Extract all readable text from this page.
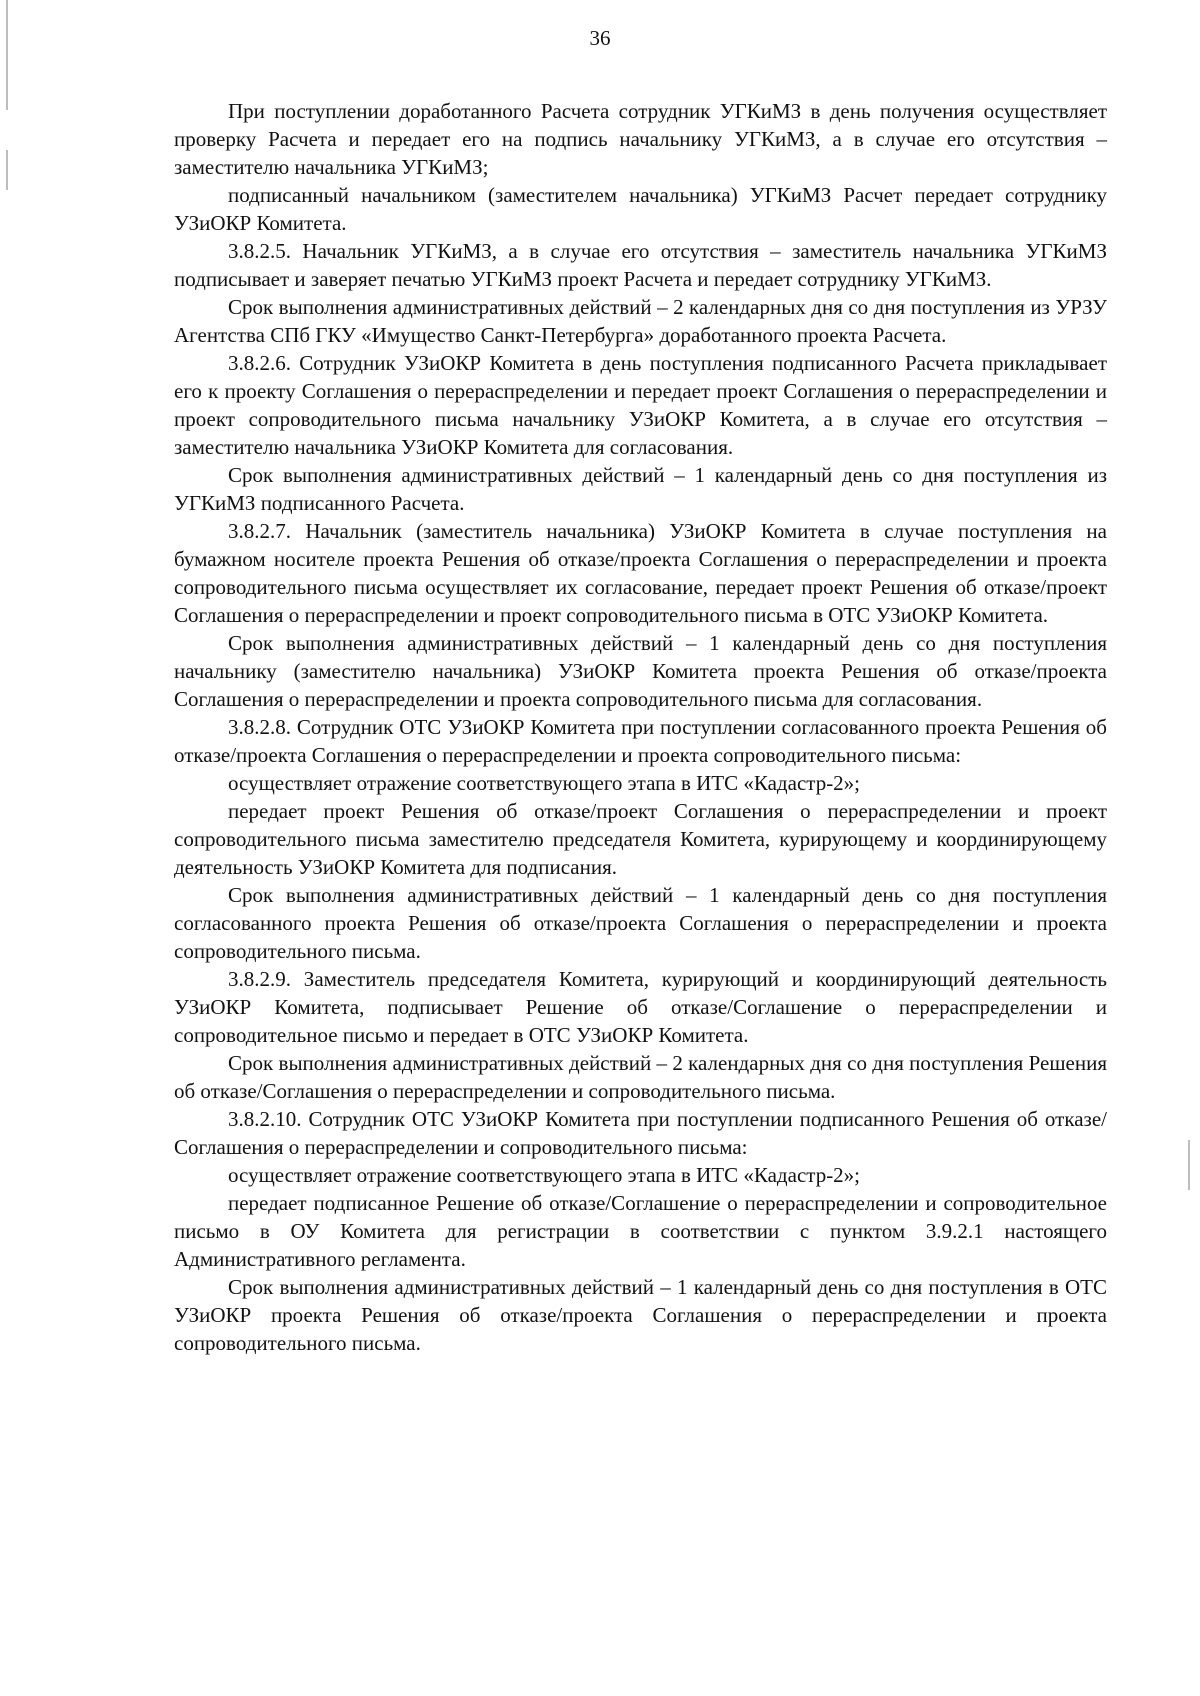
36

При поступлении доработанного Расчета сотрудник УГКиМЗ в день получения осуществляет проверку Расчета и передает его на подпись начальнику УГКиМЗ, а в случае его отсутствия – заместителю начальника УГКиМЗ;

подписанный начальником (заместителем начальника) УГКиМЗ Расчет передает сотруднику УЗиОКР Комитета.

3.8.2.5. Начальник УГКиМЗ, а в случае его отсутствия – заместитель начальника УГКиМЗ подписывает и заверяет печатью УГКиМЗ проект Расчета и передает сотруднику УГКиМЗ.

Срок выполнения административных действий – 2 календарных дня со дня поступления из УРЗУ Агентства СПб ГКУ «Имущество Санкт-Петербурга» доработанного проекта Расчета.

3.8.2.6. Сотрудник УЗиОКР Комитета в день поступления подписанного Расчета прикладывает его к проекту Соглашения о перераспределении и передает проект Соглашения о перераспределении и проект сопроводительного письма начальнику УЗиОКР Комитета, а в случае его отсутствия – заместителю начальника УЗиОКР Комитета для согласования.

Срок выполнения административных действий – 1 календарный день со дня поступления из УГКиМЗ подписанного Расчета.

3.8.2.7. Начальник (заместитель начальника) УЗиОКР Комитета в случае поступления на бумажном носителе проекта Решения об отказе/проекта Соглашения о перераспределении и проекта сопроводительного письма осуществляет их согласование, передает проект Решения об отказе/проект Соглашения о перераспределении и проект сопроводительного письма в ОТС УЗиОКР Комитета.

Срок выполнения административных действий – 1 календарный день со дня поступления начальнику (заместителю начальника) УЗиОКР Комитета проекта Решения об отказе/проекта Соглашения о перераспределении и проекта сопроводительного письма для согласования.

3.8.2.8. Сотрудник ОТС УЗиОКР Комитета при поступлении согласованного проекта Решения об отказе/проекта Соглашения о перераспределении и проекта сопроводительного письма:

осуществляет отражение соответствующего этапа в ИТС «Кадастр-2»;

передает проект Решения об отказе/проект Соглашения о перераспределении и проект сопроводительного письма заместителю председателя Комитета, курирующему и координирующему деятельность УЗиОКР Комитета для подписания.

Срок выполнения административных действий – 1 календарный день со дня поступления согласованного проекта Решения об отказе/проекта Соглашения о перераспределении и проекта сопроводительного письма.

3.8.2.9. Заместитель председателя Комитета, курирующий и координирующий деятельность УЗиОКР Комитета, подписывает Решение об отказе/Соглашение о перераспределении и сопроводительное письмо и передает в ОТС УЗиОКР Комитета.

Срок выполнения административных действий – 2 календарных дня со дня поступления Решения об отказе/Соглашения о перераспределении и сопроводительного письма.

3.8.2.10. Сотрудник ОТС УЗиОКР Комитета при поступлении подписанного Решения об отказе/Соглашения о перераспределении и сопроводительного письма:

осуществляет отражение соответствующего этапа в ИТС «Кадастр-2»;

передает подписанное Решение об отказе/Соглашение о перераспределении и сопроводительное письмо в ОУ Комитета для регистрации в соответствии с пунктом 3.9.2.1 настоящего Административного регламента.

Срок выполнения административных действий – 1 календарный день со дня поступления в ОТС УЗиОКР проекта Решения об отказе/проекта Соглашения о перераспределении и проекта сопроводительного письма.
